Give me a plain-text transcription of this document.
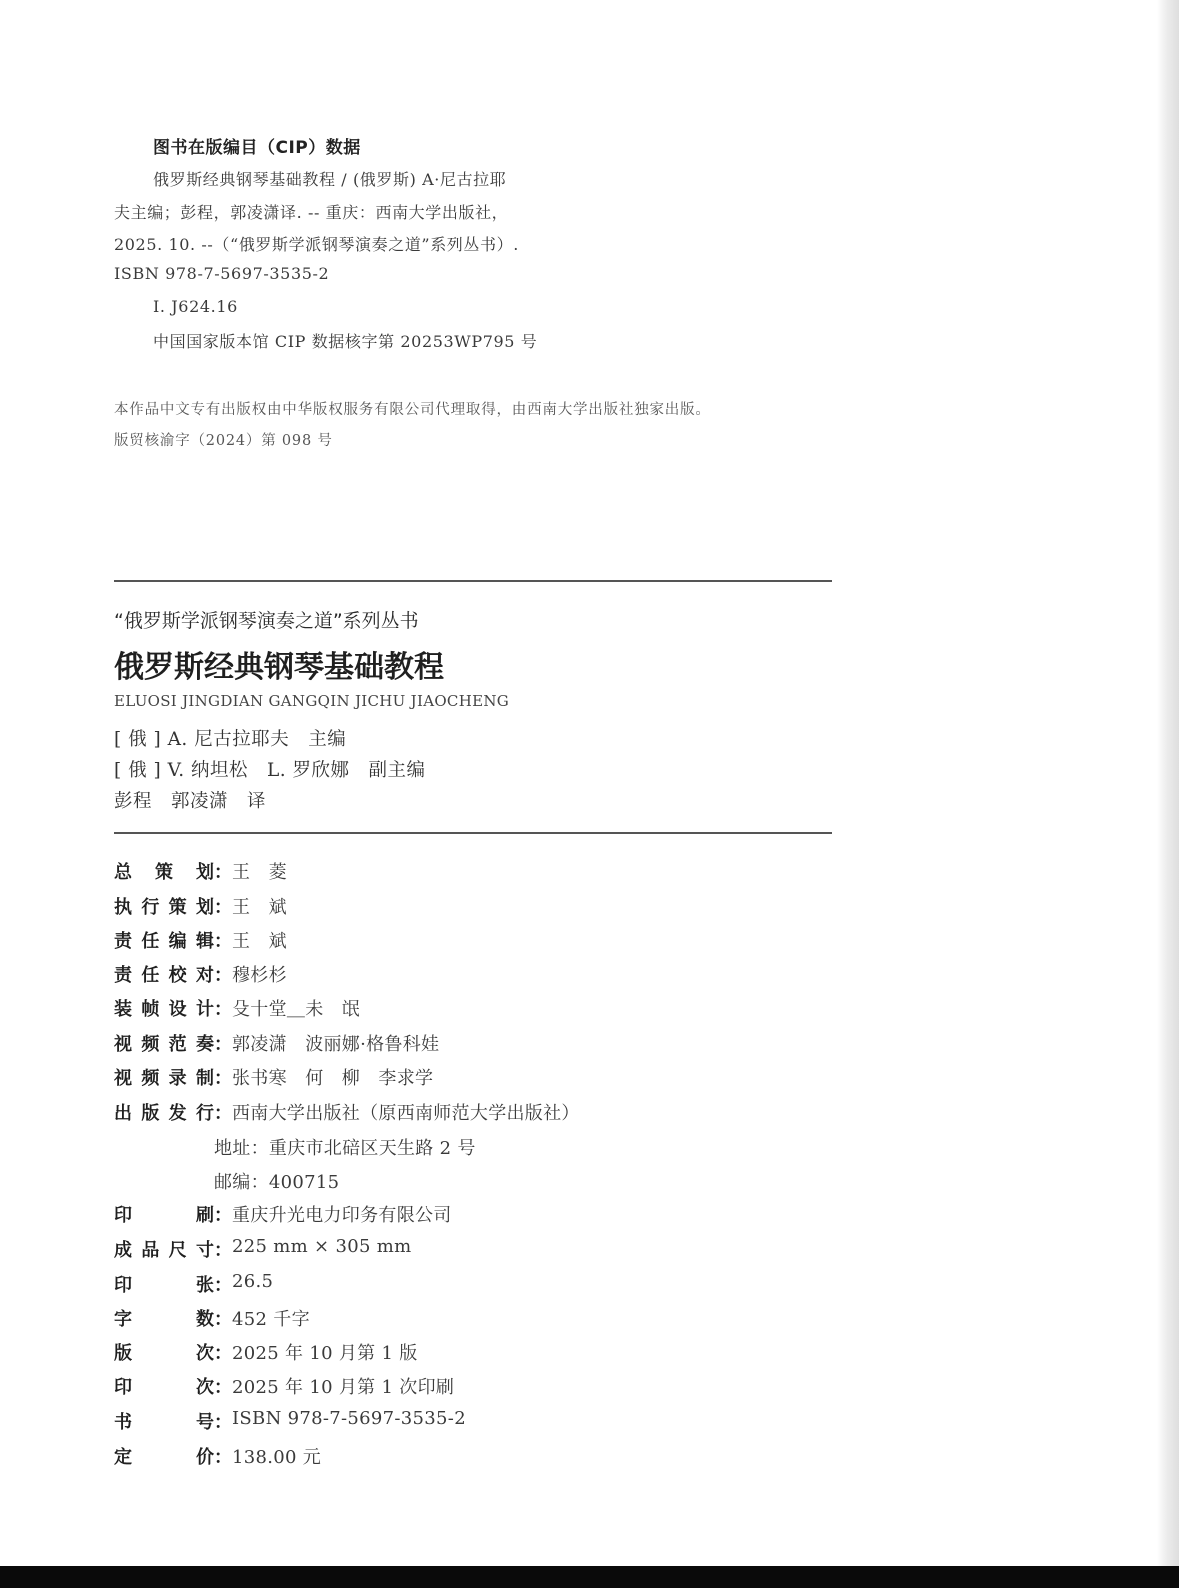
图书在版编目（CIP）数据
俄罗斯经典钢琴基础教程 / (俄罗斯) A·尼古拉耶
夫主编；彭程，郭凌潇译. -- 重庆：西南大学出版社，
2025. 10. --（“俄罗斯学派钢琴演奏之道”系列丛书）.
ISBN 978-7-5697-3535-2
Ⅰ. J624.16
中国国家版本馆 CIP 数据核字第 20253WP795 号
本作品中文专有出版权由中华版权服务有限公司代理取得，由西南大学出版社独家出版。
版贸核渝字（2024）第 098 号
“俄罗斯学派钢琴演奏之道”系列丛书
俄罗斯经典钢琴基础教程
ELUOSI JINGDIAN GANGQIN JICHU JIAOCHENG
[ 俄 ] A. 尼古拉耶夫　主编
[ 俄 ] V. 纳坦松　L. 罗欣娜　副主编
彭程　郭凌潇　译
总策划：王　菱
执行策划：王　斌
责任编辑：王　斌
责任校对：穆杉杉
装帧设计：殳十堂＿未　氓
视频范奏：郭凌潇　波丽娜·格鲁科娃
视频录制：张书寒　何　柳　李求学
出版发行：西南大学出版社（原西南师范大学出版社）
地址：重庆市北碚区天生路 2 号
邮编：400715
印刷：重庆升光电力印务有限公司
成品尺寸：225 mm × 305 mm
印张：26.5
字数：452 千字
版次：2025 年 10 月第 1 版
印次：2025 年 10 月第 1 次印刷
书号：ISBN 978-7-5697-3535-2
定价：138.00 元
